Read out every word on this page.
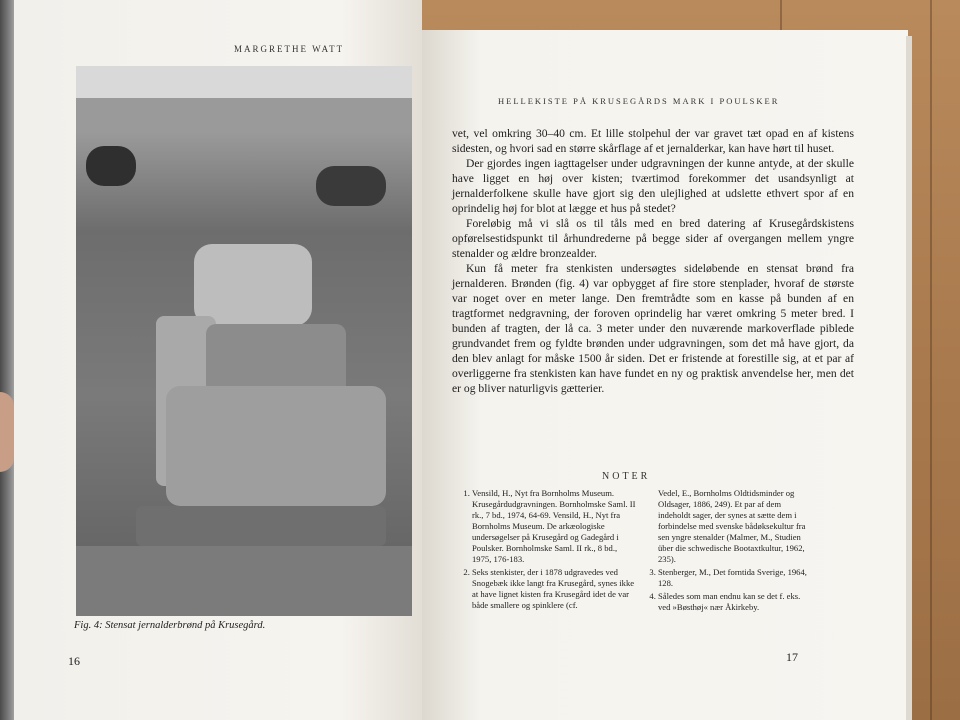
MARGRETHE WATT
Fig. 4: Stensat jernalderbrønd på Krusegård.
16
HELLEKISTE PÅ KRUSEGÅRDS MARK I POULSKER

vet, vel omkring 30–40 cm. Et lille stolpehul der var gravet tæt opad en af kistens sidesten, og hvori sad en større skårflage af et jernalderkar, kan have hørt til huset.

Der gjordes ingen iagttagelser under udgravningen der kunne antyde, at der skulle have ligget en høj over kisten; tværtimod forekommer det usandsynligt at jernalderfolkene skulle have gjort sig den ulejlighed at udslette ethvert spor af en oprindelig høj for blot at lægge et hus på stedet?

Foreløbig må vi slå os til tåls med en bred datering af Krusegårdskistens opførelsestidspunkt til århundrederne på begge sider af overgangen mellem yngre stenalder og ældre bronzealder.

Kun få meter fra stenkisten undersøgtes sideløbende en stensat brønd fra jernalderen. Brønden (fig. 4) var opbygget af fire store stenplader, hvoraf de største var noget over en meter lange. Den fremtrådte som en kasse på bunden af en tragtformet nedgravning, der foroven oprindelig har været omkring 5 meter bred. I bunden af tragten, der lå ca. 3 meter under den nuværende markoverflade piblede grundvandet frem og fyldte brønden under udgravningen, som det må have gjort, da den blev anlagt for måske 1500 år siden. Det er fristende at forestille sig, at et par af overliggerne fra stenkisten kan have fundet en ny og praktisk anvendelse her, men det er og bliver naturligvis gætterier.

NOTER
1. Vensild, H., Nyt fra Bornholms Museum. Krusegårdudgravningen. Bornholmske Saml. II rk., 7 bd., 1974, 64-69. Vensild, H., Nyt fra Bornholms Museum. De arkæologiske undersøgelser på Krusegård og Gadegård i Poulsker. Bornholmske Saml. II rk., 8 bd., 1975, 176-183.
2. Seks stenkister, der i 1878 udgravedes ved Snogebæk ikke langt fra Krusegård, synes ikke at have lignet kisten fra Krusegård idet de var både smallere og spinklere (cf.
Vedel, E., Bornholms Oldtidsminder og Oldsager, 1886, 249). Et par af dem indeholdt sager, der synes at sætte dem i forbindelse med svenske bådøksekultur fra sen yngre stenalder (Malmer, M., Studien über die schwedische Bootaxtkultur, 1962, 235).
3. Stenberger, M., Det forntida Sverige, 1964, 128.
4. Således som man endnu kan se det f. eks. ved »Bøsthøj« nær Åkirkeby.
17
